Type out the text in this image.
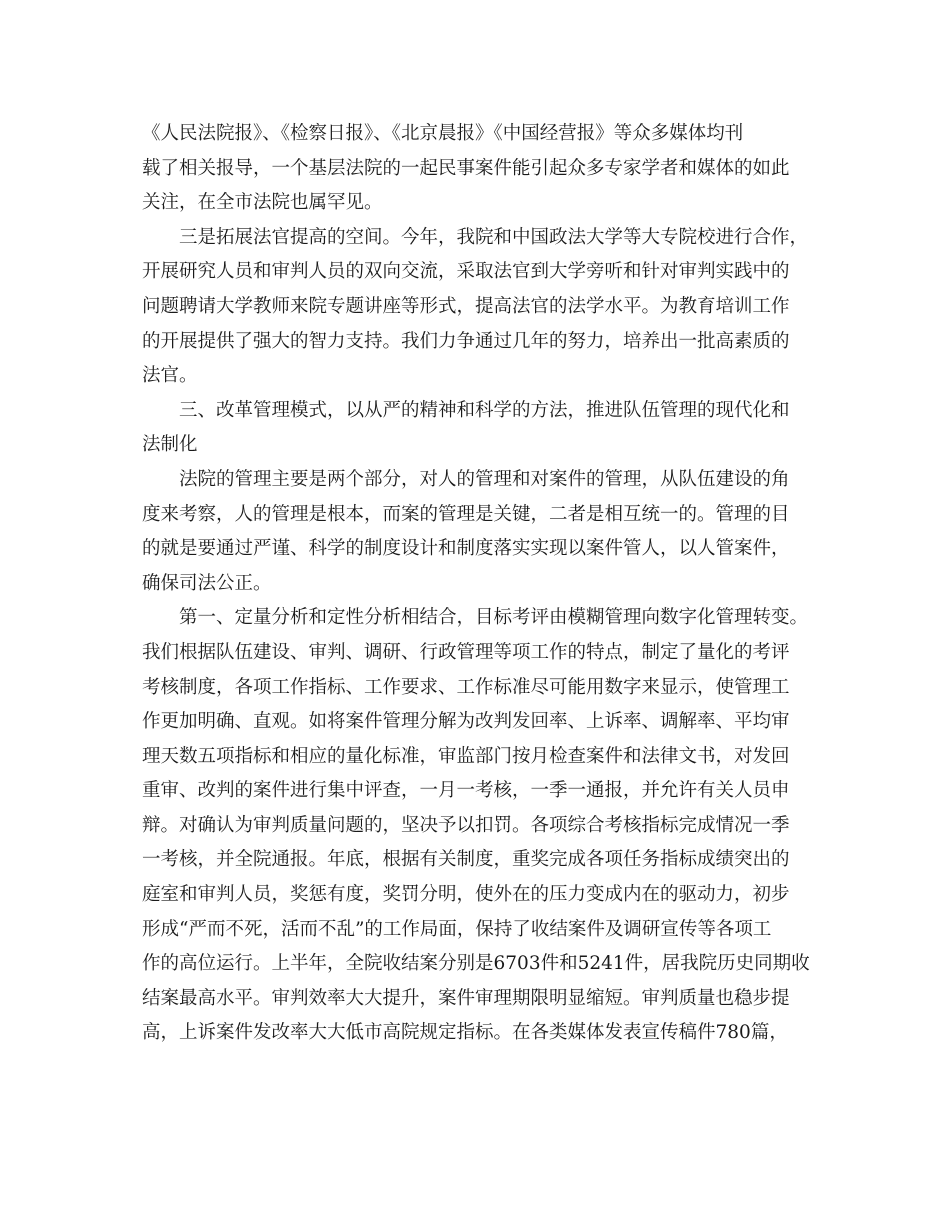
《人民法院报》、《检察日报》、《北京晨报》《中国经营报》等众多媒体均刊
载了相关报导，一个基层法院的一起民事案件能引起众多专家学者和媒体的如此
关注，在全市法院也属罕见。
三是拓展法官提高的空间。今年，我院和中国政法大学等大专院校进行合作，
开展研究人员和审判人员的双向交流，采取法官到大学旁听和针对审判实践中的
问题聘请大学教师来院专题讲座等形式，提高法官的法学水平。为教育培训工作
的开展提供了强大的智力支持。我们力争通过几年的努力，培养出一批高素质的
法官。
三、改革管理模式，以从严的精神和科学的方法，推进队伍管理的现代化和
法制化
法院的管理主要是两个部分，对人的管理和对案件的管理，从队伍建设的角
度来考察，人的管理是根本，而案的管理是关键，二者是相互统一的。管理的目
的就是要通过严谨、科学的制度设计和制度落实实现以案件管人，以人管案件，
确保司法公正。
第一、定量分析和定性分析相结合，目标考评由模糊管理向数字化管理转变。
我们根据队伍建设、审判、调研、行政管理等项工作的特点，制定了量化的考评
考核制度，各项工作指标、工作要求、工作标准尽可能用数字来显示，使管理工
作更加明确、直观。如将案件管理分解为改判发回率、上诉率、调解率、平均审
理天数五项指标和相应的量化标准，审监部门按月检查案件和法律文书，对发回
重审、改判的案件进行集中评查，一月一考核，一季一通报，并允许有关人员申
辩。对确认为审判质量问题的，坚决予以扣罚。各项综合考核指标完成情况一季
一考核，并全院通报。年底，根据有关制度，重奖完成各项任务指标成绩突出的
庭室和审判人员，奖惩有度，奖罚分明，使外在的压力变成内在的驱动力，初步
形成“严而不死，活而不乱”的工作局面，保持了收结案件及调研宣传等各项工
作的高位运行。上半年，全院收结案分别是6703件和5241件，居我院历史同期收
结案最高水平。审判效率大大提升，案件审理期限明显缩短。审判质量也稳步提
高，上诉案件发改率大大低市高院规定指标。在各类媒体发表宣传稿件780篇，
